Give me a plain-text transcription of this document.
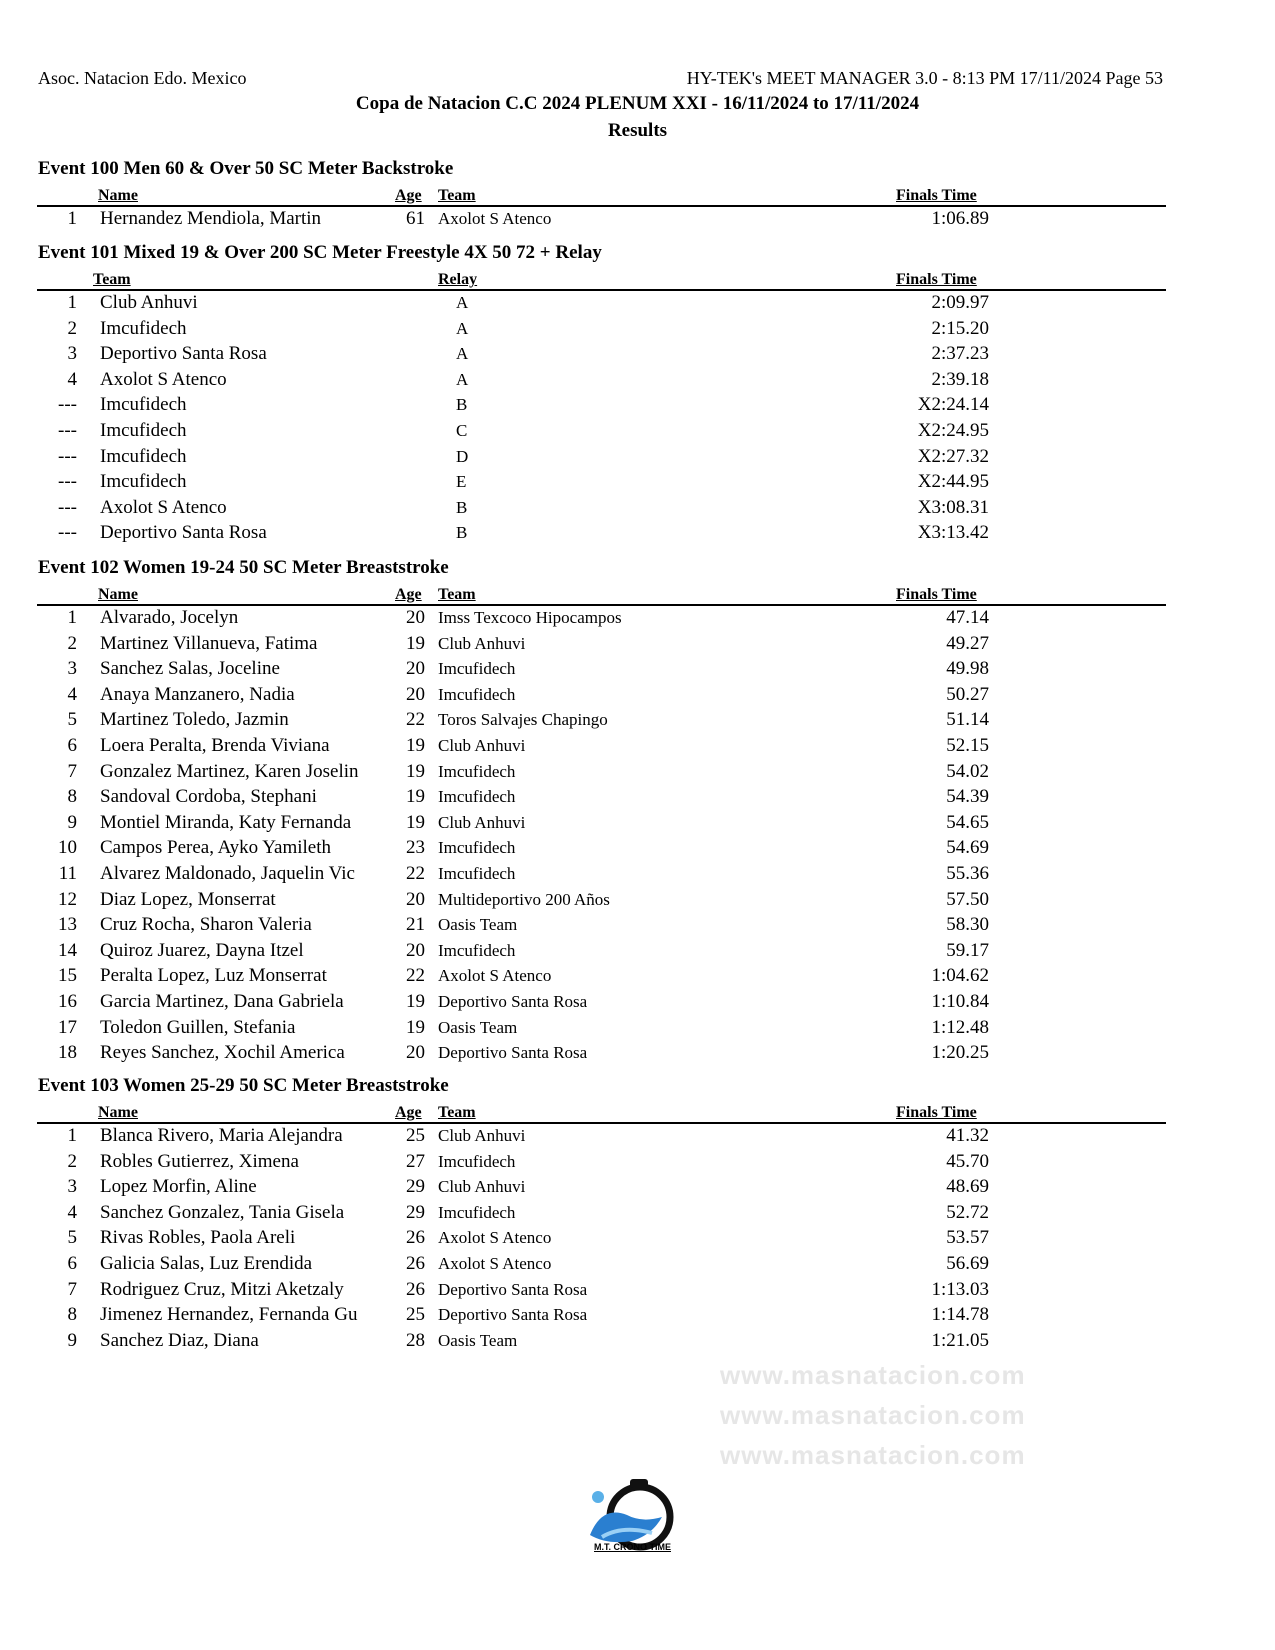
www.masnatacion.com
www.masnatacion.com
www.masnatacion.com
Asoc. Natacion Edo. Mexico	HY-TEK's MEET MANAGER 3.0 - 8:13 PM 17/11/2024 Page 53
Copa de Natacion C.C 2024 PLENUM XXI - 16/11/2024 to 17/11/2024
Results
Event 100 Men 60 & Over 50 SC Meter Backstroke
Name	Age Team	Finals Time
1 Hernandez Mendiola, Martin	61 Axolot S Atenco	1:06.89
Event 101 Mixed 19 & Over 200 SC Meter Freestyle 4X 50 72 + Relay
Team	Relay	Finals Time
1 Club Anhuvi	A	2:09.97
2 Imcufidech	A	2:15.20
3 Deportivo Santa Rosa	A	2:37.23
4 Axolot S Atenco	A	2:39.18
--- Imcufidech	B	X2:24.14
--- Imcufidech	C	X2:24.95
--- Imcufidech	D	X2:27.32
--- Imcufidech	E	X2:44.95
--- Axolot S Atenco	B	X3:08.31
--- Deportivo Santa Rosa	B	X3:13.42
Event 102 Women 19-24 50 SC Meter Breaststroke
Name	Age Team	Finals Time
1 Alvarado, Jocelyn	20 Imss Texcoco Hipocampos	47.14
2 Martinez Villanueva, Fatima	19 Club Anhuvi	49.27
3 Sanchez Salas, Joceline	20 Imcufidech	49.98
4 Anaya Manzanero, Nadia	20 Imcufidech	50.27
5 Martinez Toledo, Jazmin	22 Toros Salvajes Chapingo	51.14
6 Loera Peralta, Brenda Viviana	19 Club Anhuvi	52.15
7 Gonzalez Martinez, Karen Joselin	19 Imcufidech	54.02
8 Sandoval Cordoba, Stephani	19 Imcufidech	54.39
9 Montiel Miranda, Katy Fernanda	19 Club Anhuvi	54.65
10 Campos Perea, Ayko Yamileth	23 Imcufidech	54.69
11 Alvarez Maldonado, Jaquelin Vic	22 Imcufidech	55.36
12 Diaz Lopez, Monserrat	20 Multideportivo 200 Años	57.50
13 Cruz Rocha, Sharon Valeria	21 Oasis Team	58.30
14 Quiroz Juarez, Dayna Itzel	20 Imcufidech	59.17
15 Peralta Lopez, Luz Monserrat	22 Axolot S Atenco	1:04.62
16 Garcia Martinez, Dana Gabriela	19 Deportivo Santa Rosa	1:10.84
17 Toledon Guillen, Stefania	19 Oasis Team	1:12.48
18 Reyes Sanchez, Xochil America	20 Deportivo Santa Rosa	1:20.25
Event 103 Women 25-29 50 SC Meter Breaststroke
Name	Age Team	Finals Time
1 Blanca Rivero, Maria Alejandra	25 Club Anhuvi	41.32
2 Robles Gutierrez, Ximena	27 Imcufidech	45.70
3 Lopez Morfin, Aline	29 Club Anhuvi	48.69
4 Sanchez Gonzalez, Tania Gisela	29 Imcufidech	52.72
5 Rivas Robles, Paola Areli	26 Axolot S Atenco	53.57
6 Galicia Salas, Luz Erendida	26 Axolot S Atenco	56.69
7 Rodriguez Cruz, Mitzi Aketzaly	26 Deportivo Santa Rosa	1:13.03
8 Jimenez Hernandez, Fernanda Gu	25 Deportivo Santa Rosa	1:14.78
9 Sanchez Diaz, Diana	28 Oasis Team	1:21.05
M.T. CRONO TIME
